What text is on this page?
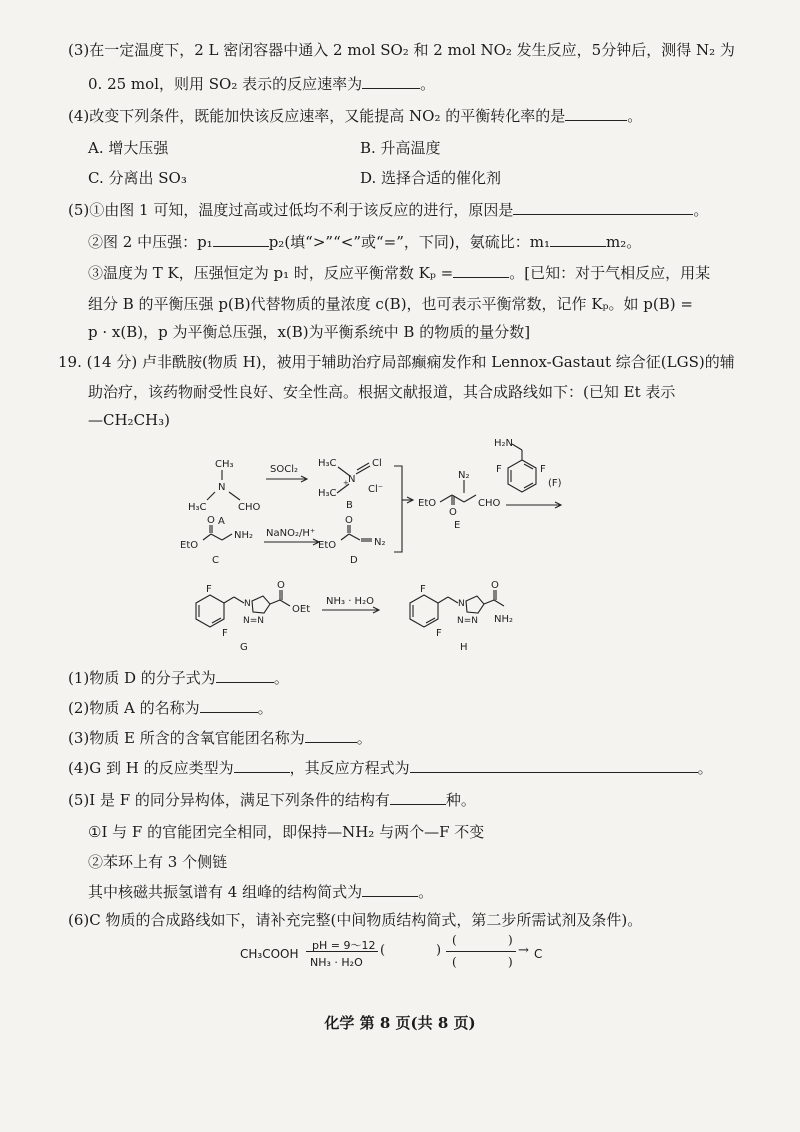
(3)在一定温度下，2 L 密闭容器中通入 2 mol SO₂ 和 2 mol NO₂ 发生反应，5分钟后，测得 N₂ 为
0. 25 mol，则用 SO₂ 表示的反应速率为	。
(4)改变下列条件，既能加快该反应速率，又能提高 NO₂ 的平衡转化率的是	。
A. 增大压强	B. 升高温度
C. 分离出 SO₃	D. 选择合适的催化剂
(5)①由图 1 可知，温度过高或过低均不利于该反应的进行，原因是	。
②图 2 中压强：p₁	p₂(填“>”“<”或“=”，下同)，氨硫比：m₁	m₂。
③温度为 T K，压强恒定为 p₁ 时，反应平衡常数 Kₚ =	。[已知：对于气相反应，用某
组分 B 的平衡压强 p(B)代替物质的量浓度 c(B)，也可表示平衡常数，记作 Kₚ。如 p(B) =
p · x(B)，p 为平衡总压强，x(B)为平衡系统中 B 的物质的量分数]
19. (14 分) 卢非酰胺(物质 H)，被用于辅助治疗局部癫痫发作和 Lennox-Gastaut 综合征(LGS)的辅
助治疗，该药物耐受性良好、安全性高。根据文献报道，其合成路线如下：(已知 Et 表示
—CH₂CH₃)
CH₃
N
H₃C	CHO
A
SOCl₂
H₃C
N
+
Cl
H₃C	Cl⁻
B
O
EtO
NH₂
C
NaNO₂/H⁺
O
EtO	N₂
D
N₂
EtO
O
CHO
E
H₂N
F	F
(F)
F
F
N
N=N
O
OEt
G
NH₃ · H₂O
F
F
N
N=N
O
NH₂
H
(1)物质 D 的分子式为	。
(2)物质 A 的名称为	。
(3)物质 E 所含的含氧官能团名称为	。
(4)G 到 H 的反应类型为	，其反应方程式为	。
(5)I 是 F 的同分异构体，满足下列条件的结构有	种。
①I 与 F 的官能团完全相同，即保持—NH₂ 与两个—F 不变
②苯环上有 3 个侧链
其中核磁共振氢谱有 4 组峰的结构简式为	。
(6)C 物质的合成路线如下，请补充完整(中间物质结构简式，第二步所需试剂及条件)。
CH₃COOH
pH = 9～12
NH₃ · H₂O
(	)
(	)
(	)
→ C
化学 第 8 页(共 8 页)
